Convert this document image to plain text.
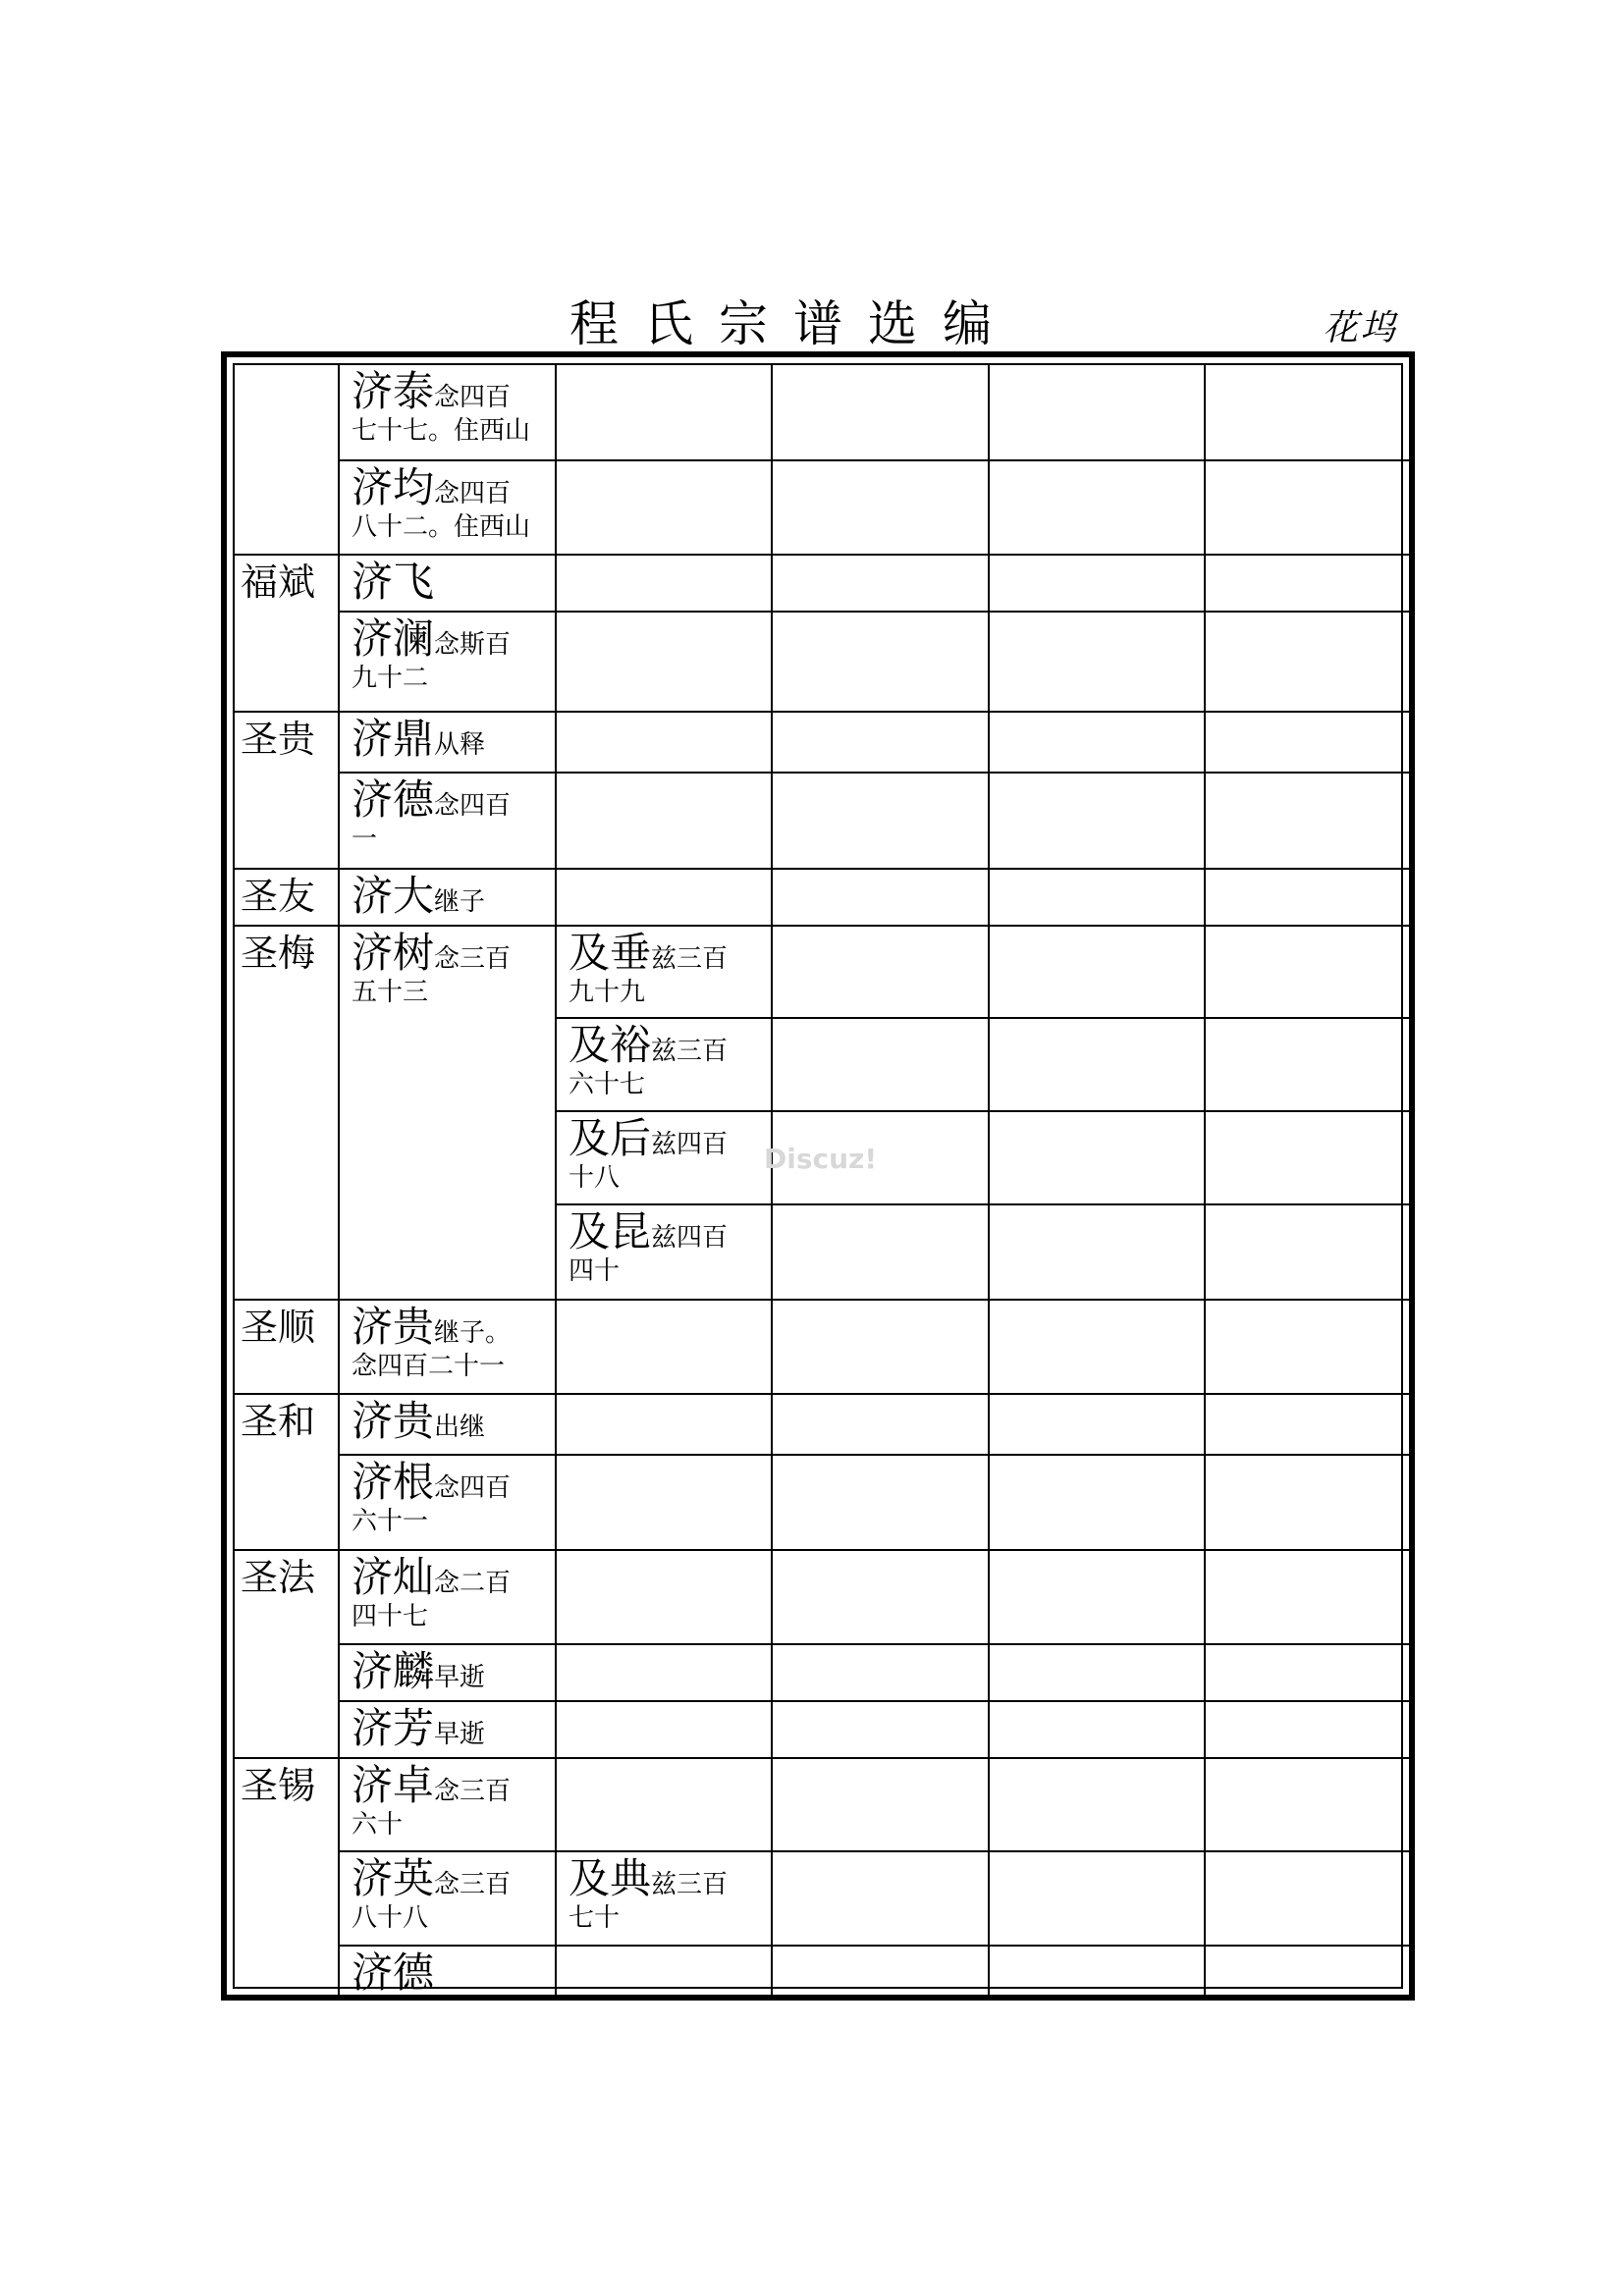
程氏宗谱选编	花坞
济泰念四百
七十七。住西山
济均念四百
八十二。住西山
福斌 济飞
济澜念斯百
九十二
圣贵 济鼎从释
济德念四百
一
圣友 济大继子
圣梅 济树念三百
五十三
及垂兹三百
九十九
及裕兹三百
六十七
及后兹四百
十八
及昆兹四百
四十
圣顺 济贵继子。
念四百二十一
圣和 济贵出继
济根念四百
六十一
圣法 济灿念二百
四十七
济麟早逝
济芳早逝
圣锡 济卓念三百
六十
济英念三百
八十八
及典兹三百
七十
济德
Discuz!
